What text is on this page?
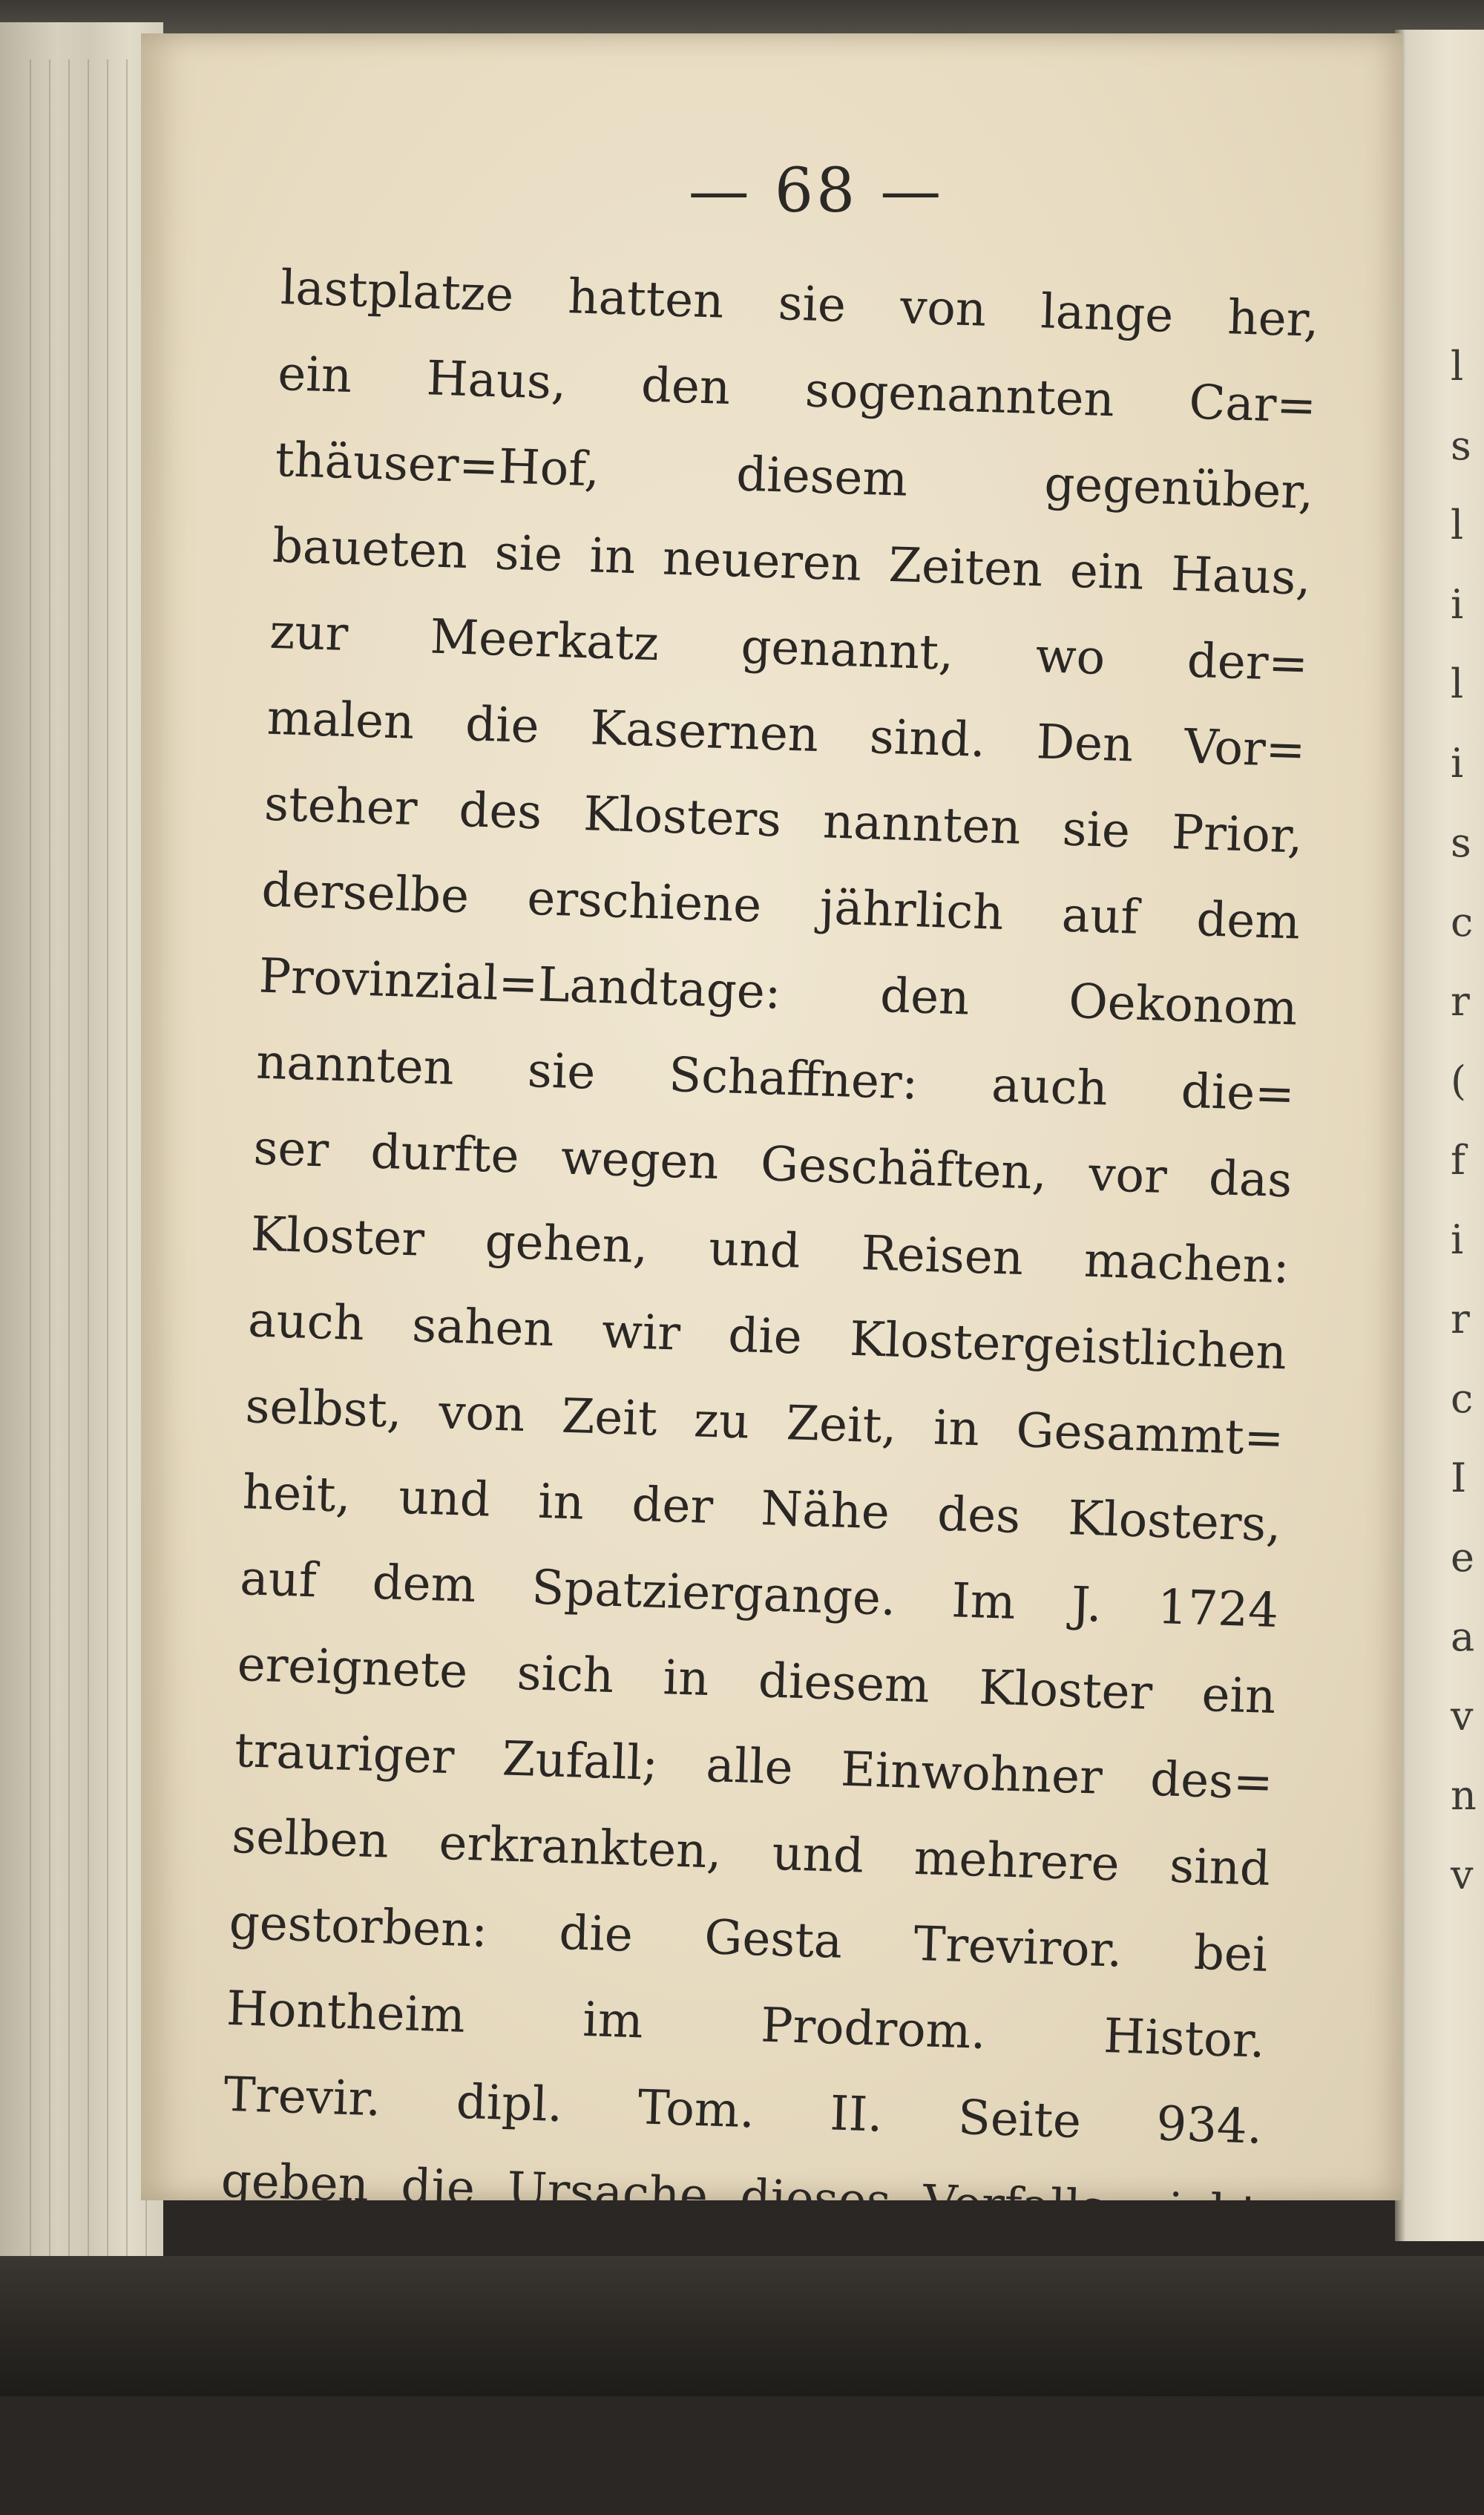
l
s
l
i
l
i
s
c
r
(
f
i
r
c
I
e
a
v
n
v
— 68 —
lastplatze hatten sie von lange her,
ein Haus, den sogenannten Car=
thäuser=Hof, diesem gegenüber,
baueten sie in neueren Zeiten ein Haus,
zur Meerkatz genannt, wo der=
malen die Kasernen sind. Den Vor=
steher des Klosters nannten sie Prior,
derselbe erschiene jährlich auf dem
Provinzial=Landtage: den Oekonom
nannten sie Schaffner: auch die=
ser durfte wegen Geschäften, vor das
Kloster gehen, und Reisen machen:
auch sahen wir die Klostergeistlichen
selbst, von Zeit zu Zeit, in Gesammt=
heit, und in der Nähe des Klosters,
auf dem Spatziergange. Im J. 1724
ereignete sich in diesem Kloster ein
trauriger Zufall; alle Einwohner des=
selben erkrankten, und mehrere sind
gestorben: die Gesta Treviror. bei
Hontheim im Prodrom. Histor.
Trevir. dipl. Tom. II. Seite 934.
geben die Ursache dieses Vorfalls nicht
gesalzene Butter aufbewahret hat; die=
